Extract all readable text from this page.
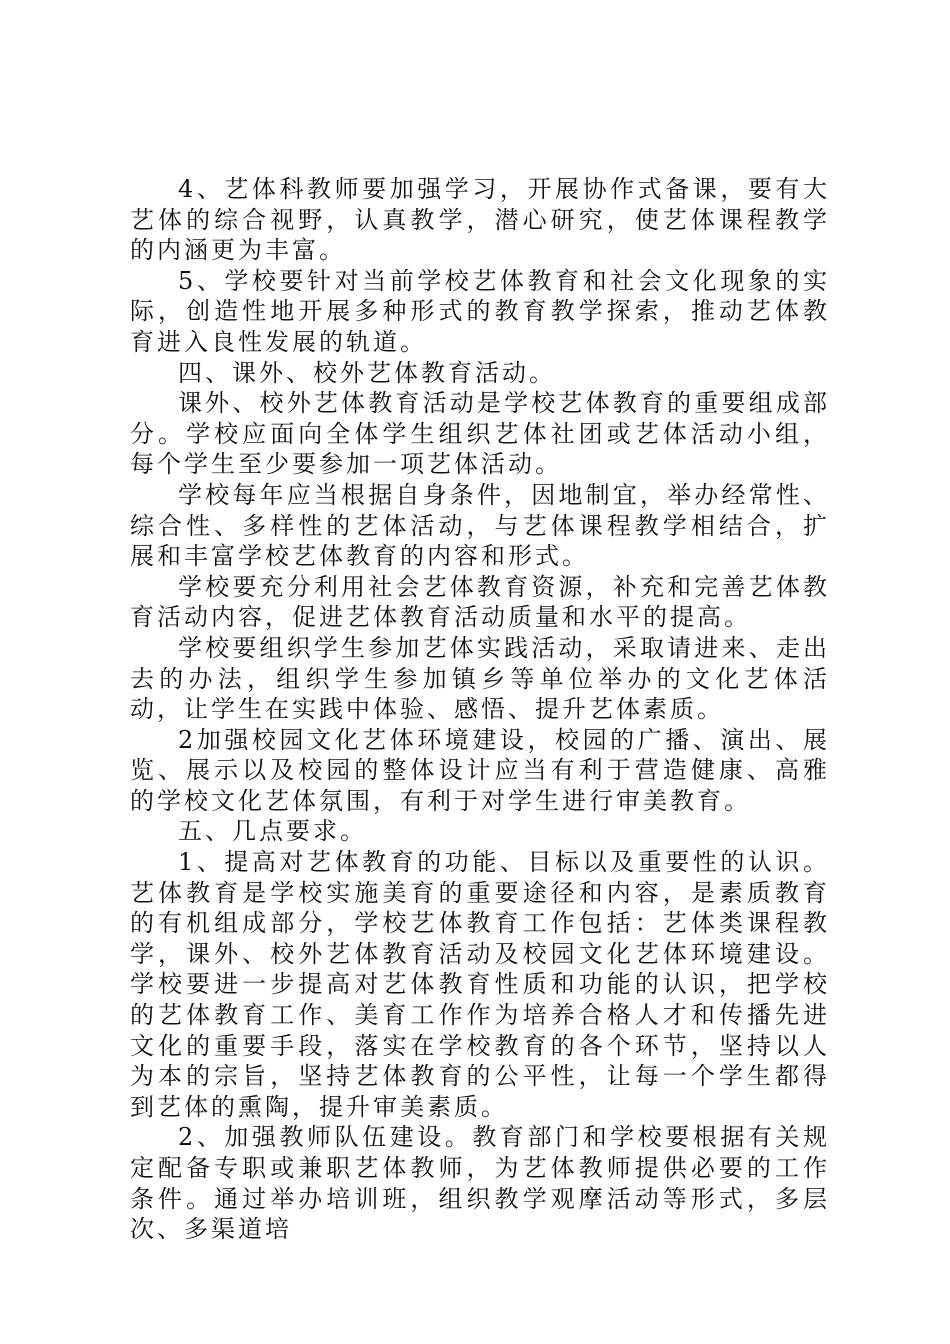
4、艺体科教师要加强学习，开展协作式备课，要有大艺体的综合视野，认真教学，潜心研究，使艺体课程教学的内涵更为丰富。

5、学校要针对当前学校艺体教育和社会文化现象的实际，创造性地开展多种形式的教育教学探索，推动艺体教育进入良性发展的轨道。

四、课外、校外艺体教育活动。

课外、校外艺体教育活动是学校艺体教育的重要组成部分。学校应面向全体学生组织艺体社团或艺体活动小组，每个学生至少要参加一项艺体活动。

学校每年应当根据自身条件，因地制宜，举办经常性、综合性、多样性的艺体活动，与艺体课程教学相结合，扩展和丰富学校艺体教育的内容和形式。

学校要充分利用社会艺体教育资源，补充和完善艺体教育活动内容，促进艺体教育活动质量和水平的提高。

学校要组织学生参加艺体实践活动，采取请进来、走出去的办法，组织学生参加镇乡等单位举办的文化艺体活动，让学生在实践中体验、感悟、提升艺体素质。

2加强校园文化艺体环境建设，校园的广播、演出、展览、展示以及校园的整体设计应当有利于营造健康、高雅的学校文化艺体氛围，有利于对学生进行审美教育。

五、几点要求。

1、提高对艺体教育的功能、目标以及重要性的认识。艺体教育是学校实施美育的重要途径和内容，是素质教育的有机组成部分，学校艺体教育工作包括：艺体类课程教学，课外、校外艺体教育活动及校园文化艺体环境建设。学校要进一步提高对艺体教育性质和功能的认识，把学校的艺体教育工作、美育工作作为培养合格人才和传播先进文化的重要手段，落实在学校教育的各个环节，坚持以人为本的宗旨，坚持艺体教育的公平性，让每一个学生都得到艺体的熏陶，提升审美素质。

2、加强教师队伍建设。教育部门和学校要根据有关规定配备专职或兼职艺体教师，为艺体教师提供必要的工作条件。通过举办培训班，组织教学观摩活动等形式，多层次、多渠道培
